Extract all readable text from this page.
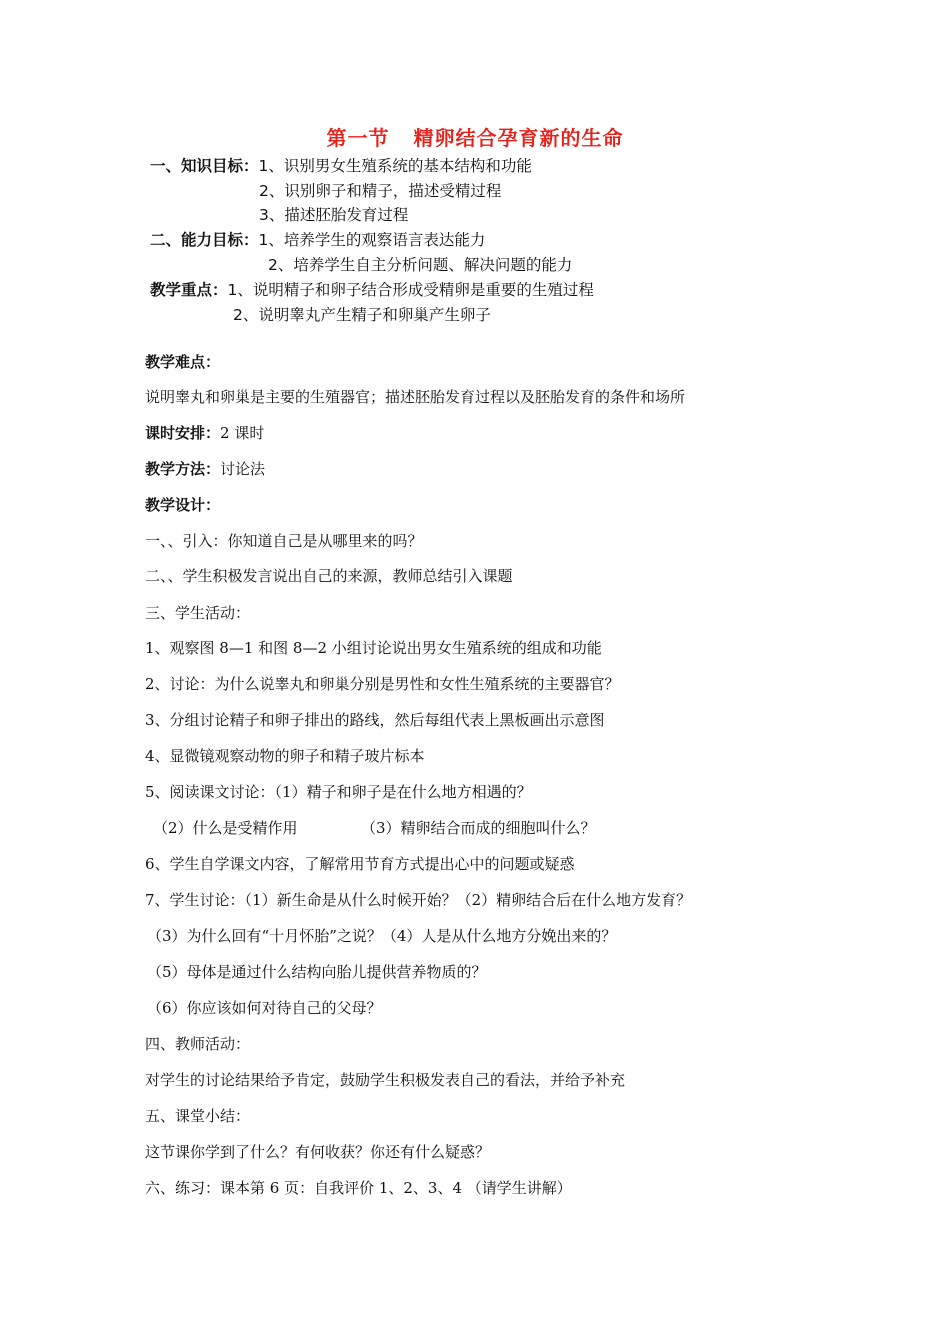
第一节 精卵结合孕育新的生命
一、知识目标：1、识别男女生殖系统的基本结构和功能
2、识别卵子和精子，描述受精过程
3、描述胚胎发育过程
二、能力目标：1、培养学生的观察语言表达能力
2、培养学生自主分析问题、解决问题的能力
教学重点：1、说明精子和卵子结合形成受精卵是重要的生殖过程
2、说明睾丸产生精子和卵巢产生卵子
教学难点：
说明睾丸和卵巢是主要的生殖器官；描述胚胎发育过程以及胚胎发育的条件和场所
课时安排：2 课时
教学方法：讨论法
教学设计：
一、、引入：你知道自己是从哪里来的吗？
二、、学生积极发言说出自己的来源，教师总结引入课题
三、学生活动：
1、观察图 8—1 和图 8—2 小组讨论说出男女生殖系统的组成和功能
2、讨论：为什么说睾丸和卵巢分别是男性和女性生殖系统的主要器官？
3、分组讨论精子和卵子排出的路线，然后每组代表上黑板画出示意图
4、显微镜观察动物的卵子和精子玻片标本
5、阅读课文讨论：（1）精子和卵子是在什么地方相遇的？
（2）什么是受精作用	（3）精卵结合而成的细胞叫什么？
6、学生自学课文内容，了解常用节育方式提出心中的问题或疑惑
7、学生讨论：（1）新生命是从什么时候开始？（2）精卵结合后在什么地方发育？
（3）为什么回有“十月怀胎”之说？（4）人是从什么地方分娩出来的？
（5）母体是通过什么结构向胎儿提供营养物质的？
（6）你应该如何对待自己的父母？
四、教师活动：
对学生的讨论结果给予肯定，鼓励学生积极发表自己的看法，并给予补充
五、课堂小结：
这节课你学到了什么？有何收获？你还有什么疑惑？
六、练习：课本第 6 页：自我评价 1、2、3、4 （请学生讲解）
